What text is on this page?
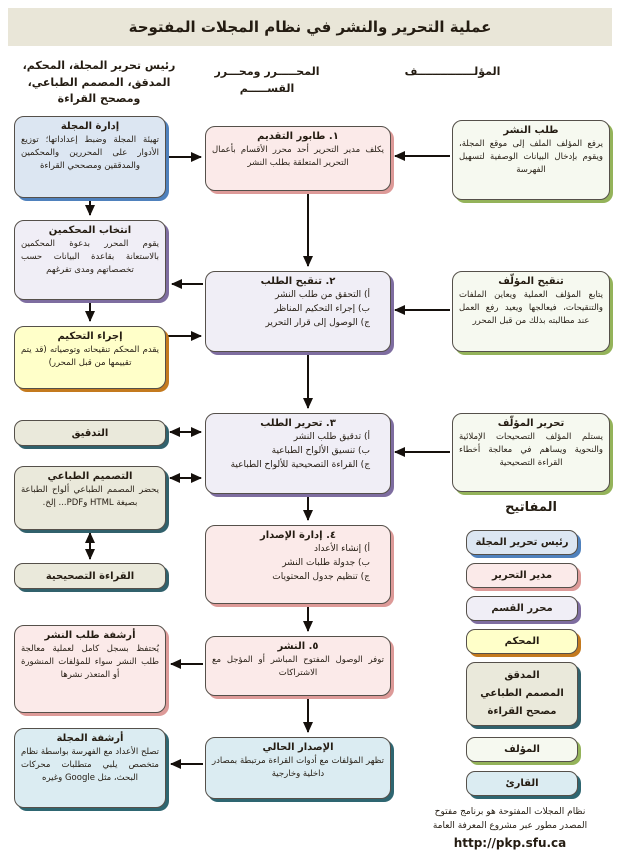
عملية التحرير والنشر في نظام المجلات المفتوحة
رئيس تحرير المجلة، المحكم، المدقق، المصمم الطباعي، ومصحح القراءة
المحـــــرر ومحـــرر القســـــم
المؤلـــــــــــــــف
إدارة المجلة
تهيئة المجلة وضبط إعداداتها؛ توزيع الأدوار على المحررين والمحكمين والمدققين ومصححي القراءة
انتخاب المحكمين
يقوم المحرر بدعوة المحكمين بالاستعانة بقاعدة البيانات حسب تخصصاتهم ومدى تفرغهم
إجراء التحكيم
يقدم المحكم تنقيحاته وتوصياته (قد يتم تقييمها من قبل المحرر)
التدقيق
التصميم الطباعي
يحضر المصمم الطباعي ألواح الطباعة بصيغة HTML وPDF... إلخ.
القراءة التصحيحية
أرشفة طلب النشر
يُحتفظ بسجل كامل لعملية معالجة طلب النشر سواء للمؤلفات المنشورة أو المتعذر نشرها
أرشفة المجلة
تصلح الأعداد مع الفهرسة بواسطة نظام متخصص يلبي متطلبات محركات البحث، مثل Google وغيره
١. طابور التقديم
يكلف مدير التحرير أحد محرر الأقسام بأعمال التحرير المتعلقة بطلب النشر
٢. تنقيح الطلب
أ) التحقق من طلب النشر
ب) إجراء التحكيم المناظر
ج) الوصول إلى قرار التحرير
٣. تحرير الطلب
أ) تدقيق طلب النشر
ب) تنسيق الألواح الطباعية
ج) القراءة التصحيحية للألواح الطباعية
٤. إدارة الإصدار
أ) إنشاء الأعداد
ب) جدولة طلبات النشر
ج) تنظيم جدول المحتويات
٥. النشر
توفر الوصول المفتوح المباشر أو المؤجل مع الاشتراكات
الإصدار الحالي
تظهر المؤلفات مع أدوات القراءة مرتبطة بمصادر داخلية وخارجية
طلب النشر
يرفع المؤلف الملف إلى موقع المجلة، ويقوم بإدخال البيانات الوصفية لتسهيل الفهرسة
تنقيح المؤلّف
يتابع المؤلف العملية ويعاين الملفات والتنقيحات، فيعالجها ويعيد رفع العمل عند مطالبته بذلك من قبل المحرر
تحرير المؤلّف
يستلم المؤلف التصحيحات الإملائية والنحوية ويساهم في معالجة أخطاء القراءة التصحيحية
المفاتيح
رئيس تحرير المجلة
مدير التحرير
محرر القسم
المحكم
المدقق
المصمم الطباعي
مصحح القراءة
المؤلف
القارئ
نظام المجلات المفتوحة هو برنامج مفتوح
المصدر مطور عبر مشروع المعرفة العامة
http://pkp.sfu.ca
